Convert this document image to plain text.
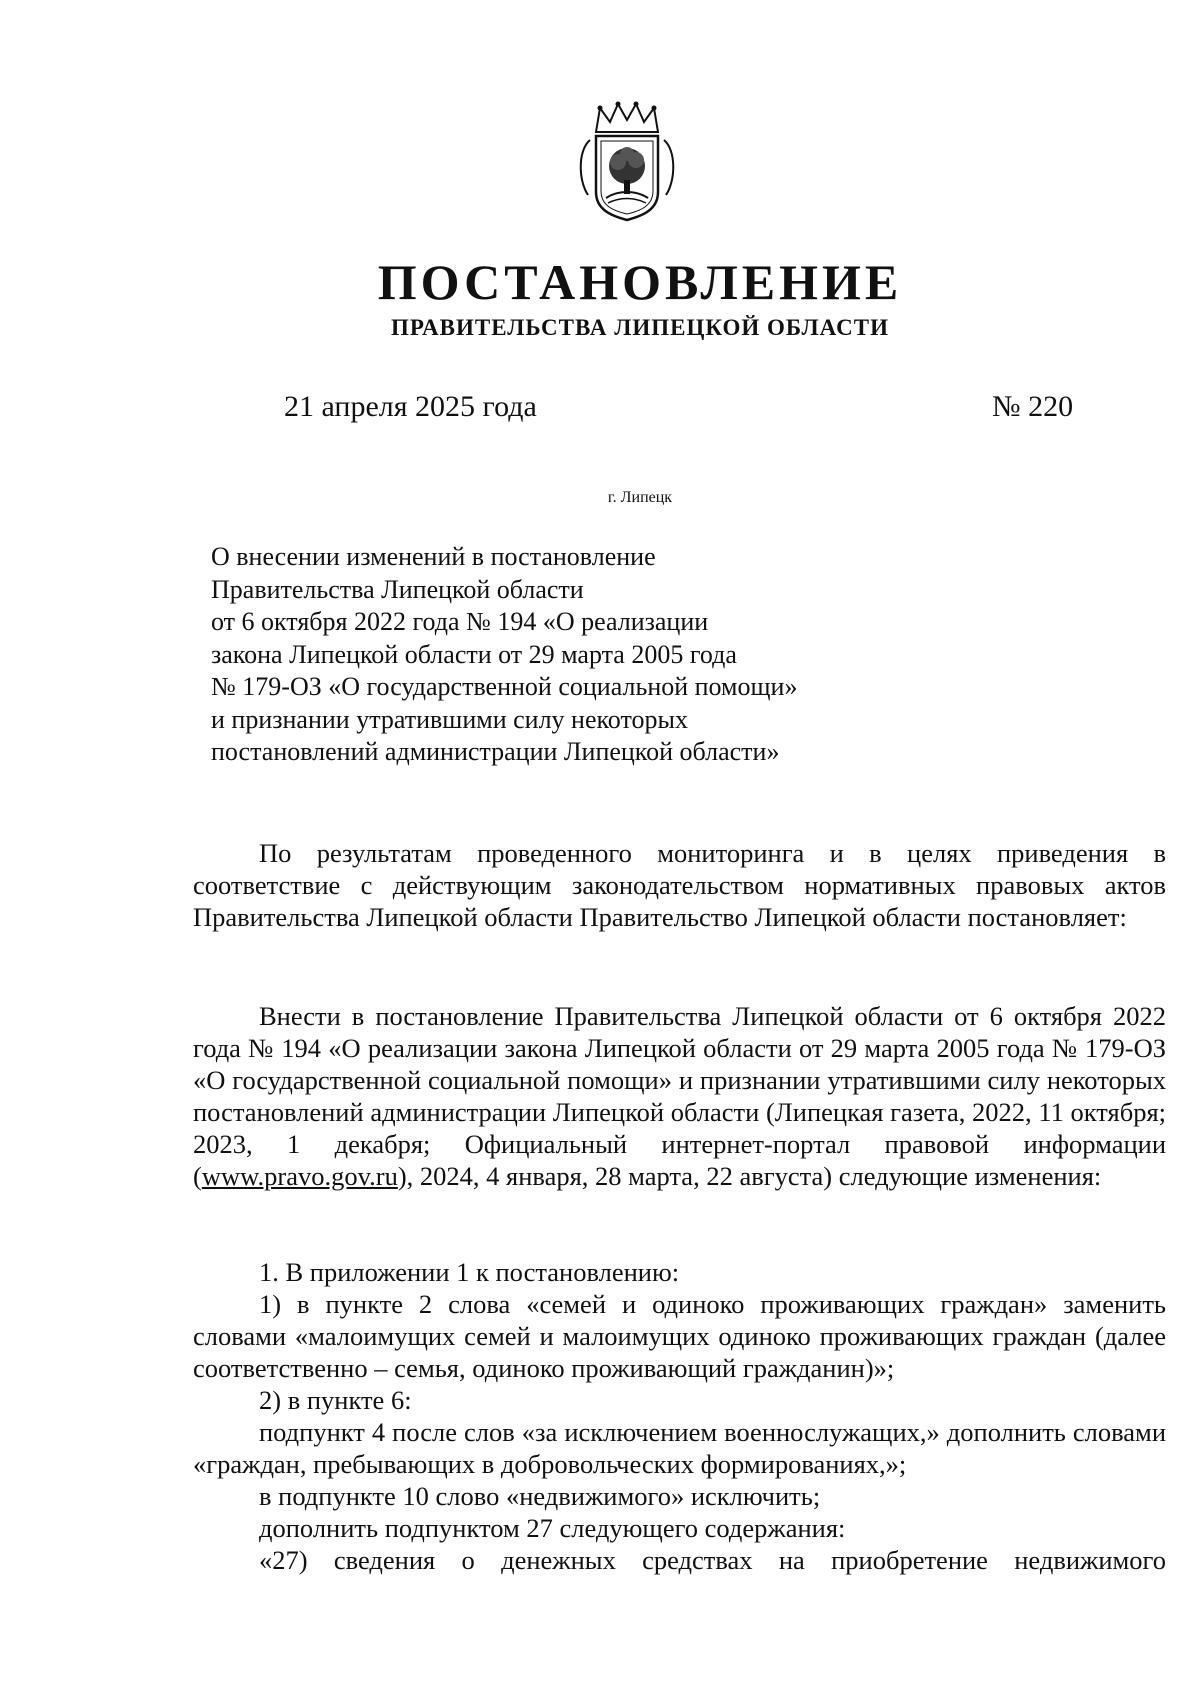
ПОСТАНОВЛЕНИЕ
ПРАВИТЕЛЬСТВА ЛИПЕЦКОЙ ОБЛАСТИ
21 апреля 2025 года	№ 220
г. Липецк
О внесении изменений в постановление
Правительства Липецкой области
от 6 октября 2022 года № 194 «О реализации
закона Липецкой области от 29 марта 2005 года
№ 179-ОЗ «О государственной социальной помощи»
и признании утратившими силу некоторых
постановлений администрации Липецкой области»

По результатам проведенного мониторинга и в целях приведения в соответствие с действующим законодательством нормативных правовых актов Правительства Липецкой области Правительство Липецкой области постановляет:

Внести в постановление Правительства Липецкой области от 6 октября 2022 года № 194 «О реализации закона Липецкой области от 29 марта 2005 года № 179-ОЗ «О государственной социальной помощи» и признании утратившими силу некоторых постановлений администрации Липецкой области (Липецкая газета, 2022, 11 октября; 2023, 1 декабря; Официальный интернет-портал правовой информации (www.pravo.gov.ru), 2024, 4 января, 28 марта, 22 августа) следующие изменения:

1. В приложении 1 к постановлению:

1) в пункте 2 слова «семей и одиноко проживающих граждан» заменить словами «малоимущих семей и малоимущих одиноко проживающих граждан (далее соответственно – семья, одиноко проживающий гражданин)»;

2) в пункте 6:

подпункт 4 после слов «за исключением военнослужащих,» дополнить словами «граждан, пребывающих в добровольческих формированиях,»;

в подпункте 10 слово «недвижимого» исключить;

дополнить подпунктом 27 следующего содержания:

«27) сведения о денежных средствах на приобретение недвижимого
